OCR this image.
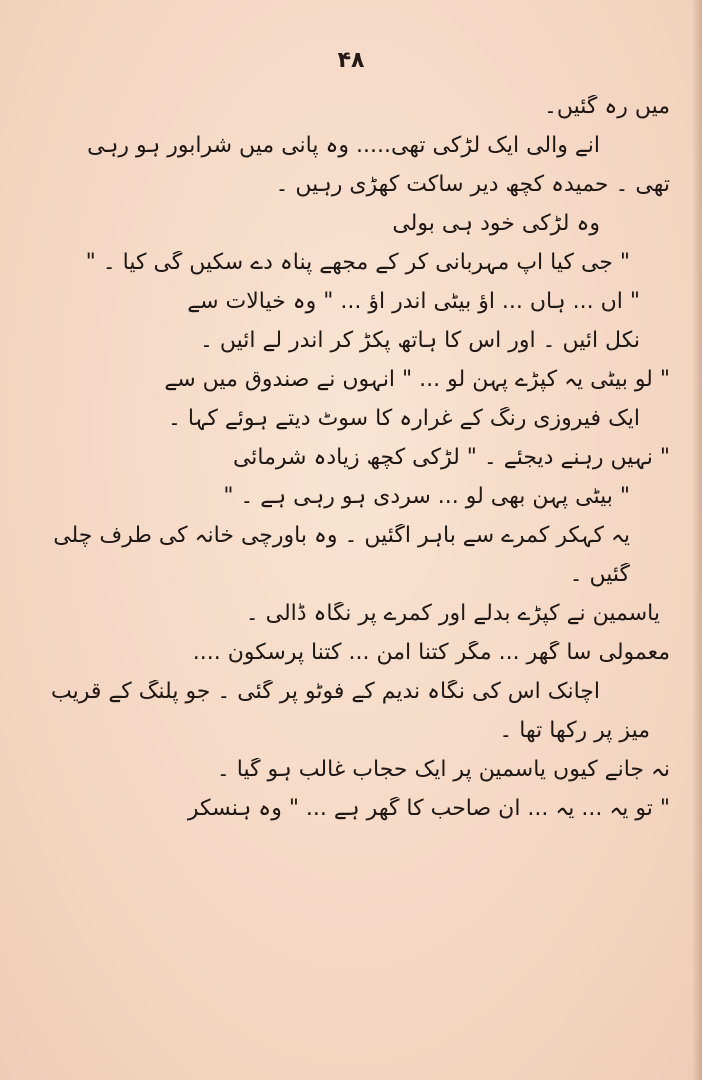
۴۸
میں رہ گئیں۔
آنے والی ایک لڑکی تھی..... وہ پانی میں شرابور ہو رہی
تھی ۔ حمیدہ کچھ دیر ساکت کھڑی رہیں ۔
وہ لڑکی خود ہی بولی
" جی کیا آپ مہربانی کر کے مجھے پناہ دے سکیں گی کیا ۔ "
" آں ... ہاں ... آؤ بیٹی اندر آؤ ... " وہ خیالات سے
نکل آئیں ۔ اور اس کا ہاتھ پکڑ کر اندر لے آئیں ۔
" لو بیٹی یہ کپڑے پہن لو ... " انہوں نے صندوق میں سے
ایک فیروزی رنگ کے غرارہ کا سوٹ دیتے ہوئے کہا ۔
" نہیں رہنے دیجئے ۔ " لڑکی کچھ زیادہ شرمائی
" بیٹی پہن بھی لو ... سردی ہو رہی ہے ۔ "
یہ کہکر کمرے سے باہر آگئیں ۔ وہ باورچی خانہ کی طرف چلی
گئیں ۔
یاسمین نے کپڑے بدلے اور کمرے پر نگاہ ڈالی ۔
معمولی سا گھر ... مگر کتنا امن ... کتنا پرسکون ....
اچانک اس کی نگاہ ندیم کے فوٹو پر گئی ۔ جو پلنگ کے قریب
میز پر رکھا تھا ۔
نہ جانے کیوں یاسمین پر ایک حجاب غالب ہو گیا ۔
" تو یہ ... یہ ... ان صاحب کا گھر ہے ... " وہ ہنسکر
